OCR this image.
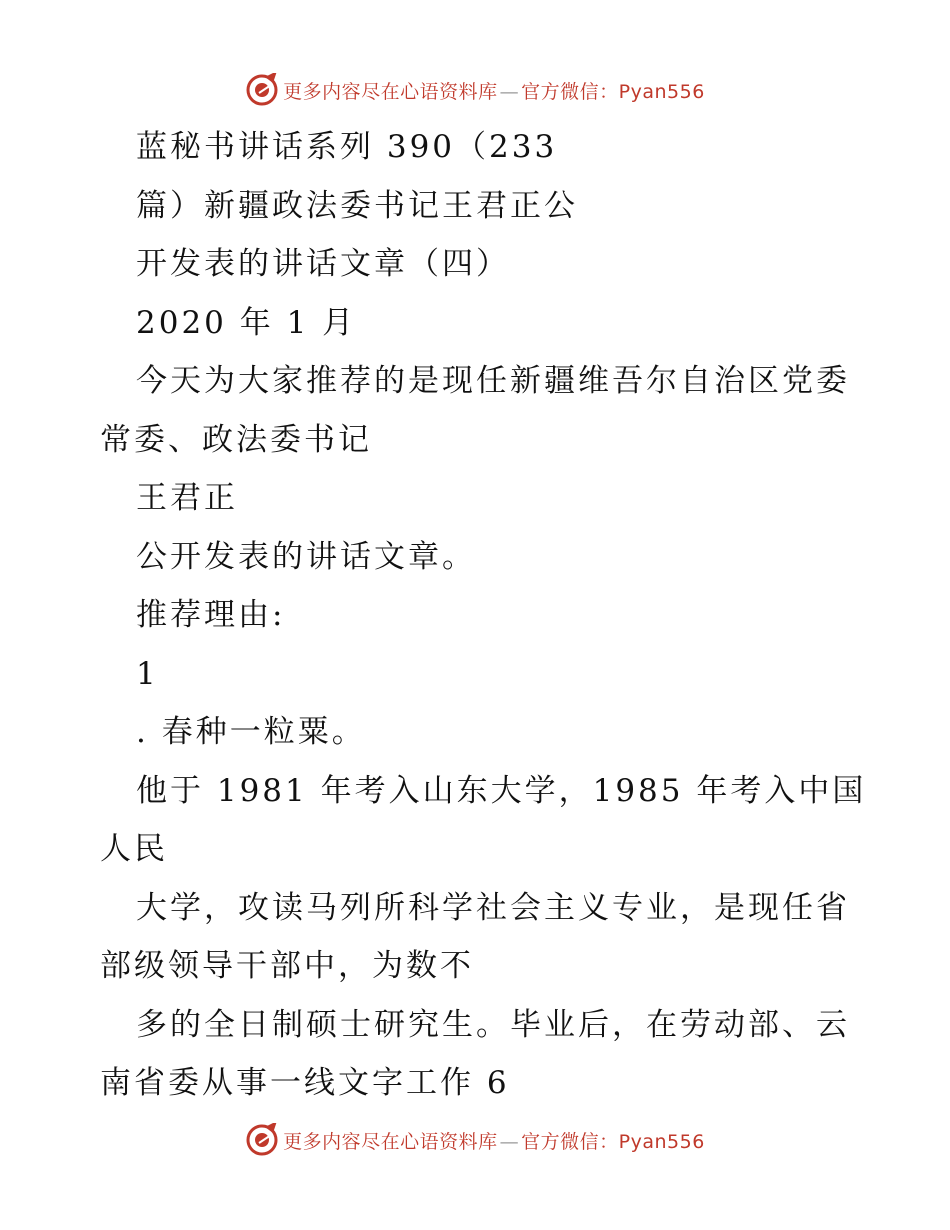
更多内容尽在心语资料库 — 官方微信：Pyan556
蓝秘书讲话系列 390（233
篇）新疆政法委书记王君正公
开发表的讲话文章（四）
2020 年 1 月
今天为大家推荐的是现任新疆维吾尔自治区党委
常委、政法委书记
王君正
公开发表的讲话文章。
推荐理由:
1
. 春种一粒粟。
他于 1981 年考入山东大学，1985 年考入中国
人民
大学，攻读马列所科学社会主义专业，是现任省
部级领导干部中，为数不
多的全日制硕士研究生。毕业后，在劳动部、云
南省委从事一线文字工作 6
更多内容尽在心语资料库 — 官方微信：Pyan556
